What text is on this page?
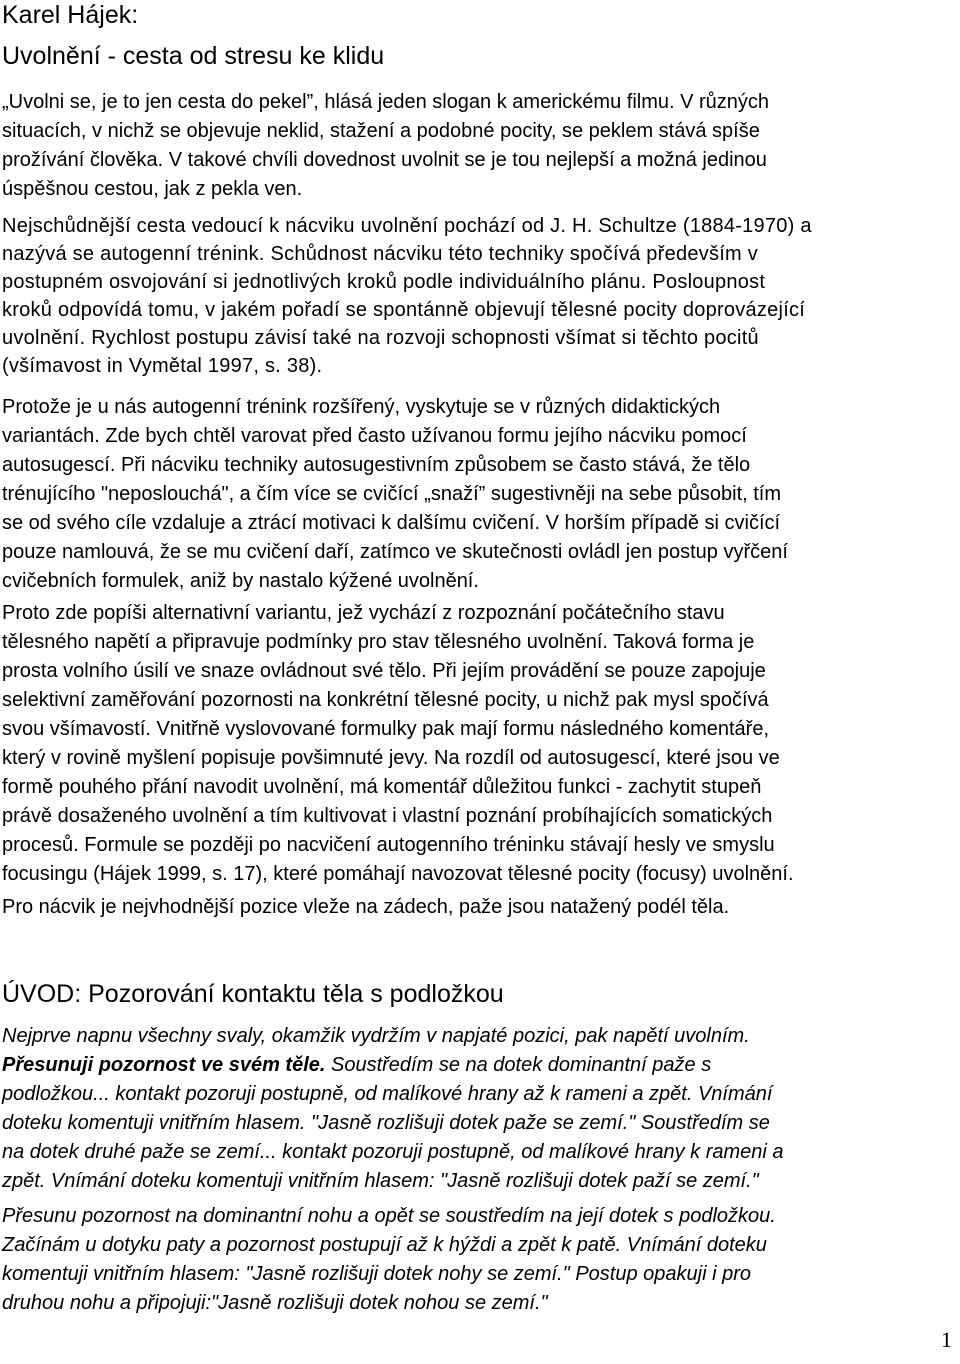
Karel Hájek:
Uvolnění - cesta od stresu ke klidu
„Uvolni se, je to jen cesta do pekel”, hlásá jeden slogan k americkému filmu. V různých
situacích, v nichž se objevuje neklid, stažení a podobné pocity, se peklem stává spíše
prožívání člověka. V takové chvíli dovednost uvolnit se je tou nejlepší a možná jedinou
úspěšnou cestou, jak z pekla ven.
Nejschůdnější cesta vedoucí k nácviku uvolnění pochází od J. H. Schultze (1884-1970) a
nazývá se autogenní trénink. Schůdnost nácviku této techniky spočívá především v
postupném osvojování si jednotlivých kroků podle individuálního plánu. Posloupnost
kroků odpovídá tomu, v jakém pořadí se spontánně objevují tělesné pocity doprovázející
uvolnění. Rychlost postupu závisí také na rozvoji schopnosti všímat si těchto pocitů
(všímavost in Vymětal 1997, s. 38).
Protože je u nás autogenní trénink rozšířený, vyskytuje se v různých didaktických
variantách. Zde bych chtěl varovat před často užívanou formu jejího nácviku pomocí
autosugescí. Při nácviku techniky autosugestivním způsobem se často stává, že tělo
trénujícího "neposlouchá", a čím více se cvičící „snaží” sugestivněji na sebe působit, tím
se od svého cíle vzdaluje a ztrácí motivaci k dalšímu cvičení. V horším případě si cvičící
pouze namlouvá, že se mu cvičení daří, zatímco ve skutečnosti ovládl jen postup vyřčení
cvičebních formulek, aniž by nastalo kýžené uvolnění.
Proto zde popíši alternativní variantu, jež vychází z rozpoznání počátečního stavu
tělesného napětí a připravuje podmínky pro stav tělesného uvolnění. Taková forma je
prosta volního úsilí ve snaze ovládnout své tělo. Při jejím provádění se pouze zapojuje
selektivní zaměřování pozornosti na konkrétní tělesné pocity, u nichž pak mysl spočívá
svou všímavostí. Vnitřně vyslovované formulky pak mají formu následného komentáře,
který v rovině myšlení popisuje povšimnuté jevy. Na rozdíl od autosugescí, které jsou ve
formě pouhého přání navodit uvolnění, má komentář důležitou funkci - zachytit stupeň
právě dosaženého uvolnění a tím kultivovat i vlastní poznání probíhajících somatických
procesů. Formule se později po nacvičení autogenního tréninku stávají hesly ve smyslu
focusingu (Hájek 1999, s. 17), které pomáhají navozovat tělesné pocity (focusy) uvolnění.
Pro nácvik je nejvhodnější pozice vleže na zádech, paže jsou natažený podél těla.
ÚVOD: Pozorování kontaktu těla s podložkou
Nejprve napnu všechny svaly, okamžik vydržím v napjaté pozici, pak napětí uvolním.
Přesunuji pozornost ve svém těle. Soustředím se na dotek dominantní paže s
podložkou... kontakt pozoruji postupně, od malíkové hrany až k rameni a zpět. Vnímání
doteku komentuji vnitřním hlasem. "Jasně rozlišuji dotek paže se zemí." Soustředím se
na dotek druhé paže se zemí... kontakt pozoruji postupně, od malíkové hrany k rameni a
zpět. Vnímání doteku komentuji vnitřním hlasem: "Jasně rozlišuji dotek paží se zemí."
Přesunu pozornost na dominantní nohu a opět se soustředím na její dotek s podložkou.
Začínám u dotyku paty a pozornost postupují až k hýždi a zpět k patě. Vnímání doteku
komentuji vnitřním hlasem: "Jasně rozlišuji dotek nohy se zemí." Postup opakuji i pro
druhou nohu a připojuji:"Jasně rozlišuji dotek nohou se zemí."
1
